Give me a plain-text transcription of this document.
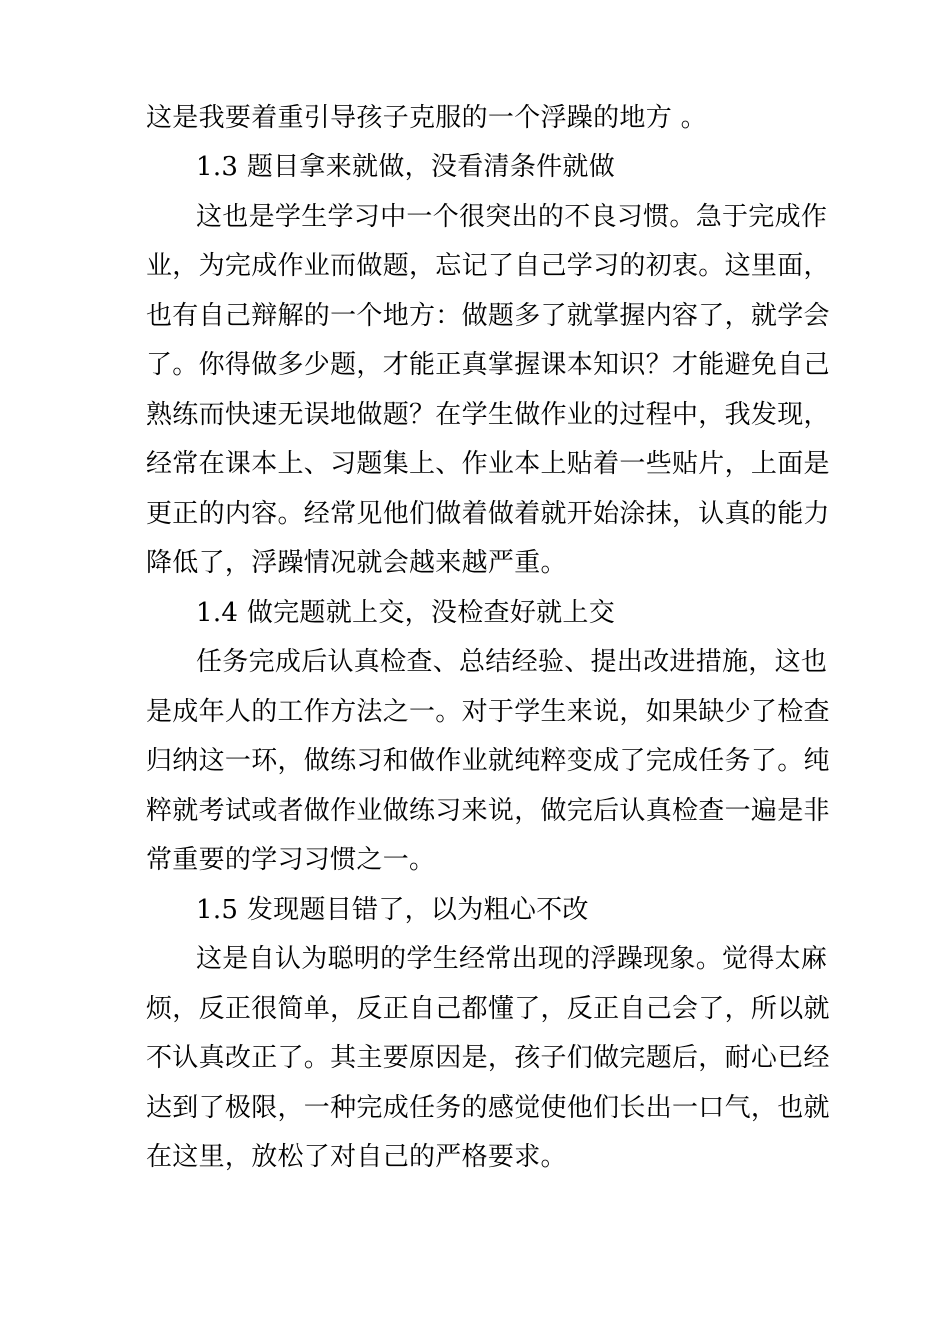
这是我要着重引导孩子克服的一个浮躁的地方 。
1.3 题目拿来就做，没看清条件就做
这也是学生学习中一个很突出的不良习惯。急于完成作
业，为完成作业而做题，忘记了自己学习的初衷。这里面，
也有自己辩解的一个地方：做题多了就掌握内容了，就学会
了。你得做多少题，才能正真掌握课本知识？才能避免自己
熟练而快速无误地做题？在学生做作业的过程中，我发现，
经常在课本上、习题集上、作业本上贴着一些贴片，上面是
更正的内容。经常见他们做着做着就开始涂抹，认真的能力
降低了，浮躁情况就会越来越严重。
1.4 做完题就上交，没检查好就上交
任务完成后认真检查、总结经验、提出改进措施，这也
是成年人的工作方法之一。对于学生来说，如果缺少了检查
归纳这一环，做练习和做作业就纯粹变成了完成任务了。纯
粹就考试或者做作业做练习来说，做完后认真检查一遍是非
常重要的学习习惯之一。
1.5 发现题目错了，以为粗心不改
这是自认为聪明的学生经常出现的浮躁现象。觉得太麻
烦，反正很简单，反正自己都懂了，反正自己会了，所以就
不认真改正了。其主要原因是，孩子们做完题后，耐心已经
达到了极限，一种完成任务的感觉使他们长出一口气，也就
在这里，放松了对自己的严格要求。
